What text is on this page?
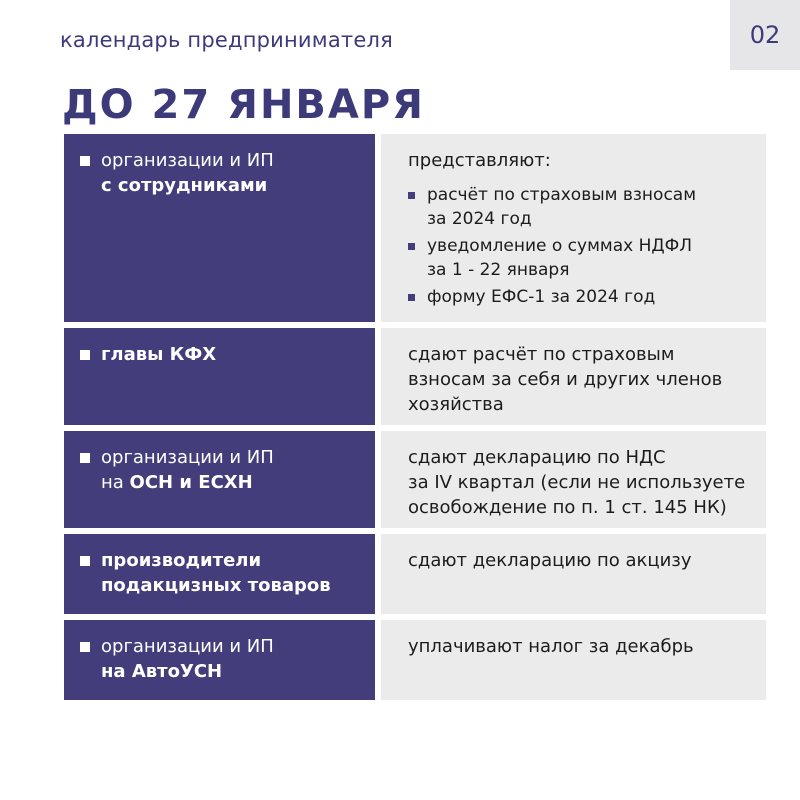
календарь предпринимателя	02
ДО 27 ЯНВАРЯ
организации и ИП
с сотрудниками
представляют:
расчёт по страховым взносам
за 2024 год
уведомление о суммах НДФЛ
за 1 - 22 января
форму ЕФС-1 за 2024 год
главы КФХ	сдают расчёт по страховым
взносам за себя и других членов
хозяйства
организации и ИП
на ОСН и ЕСХН
сдают декларацию по НДС
за IV квартал (если не используете
освобождение по п. 1 ст. 145 НК)
производители
подакцизных товаров
сдают декларацию по акцизу
организации и ИП
на АвтоУСН
уплачивают налог за декабрь
